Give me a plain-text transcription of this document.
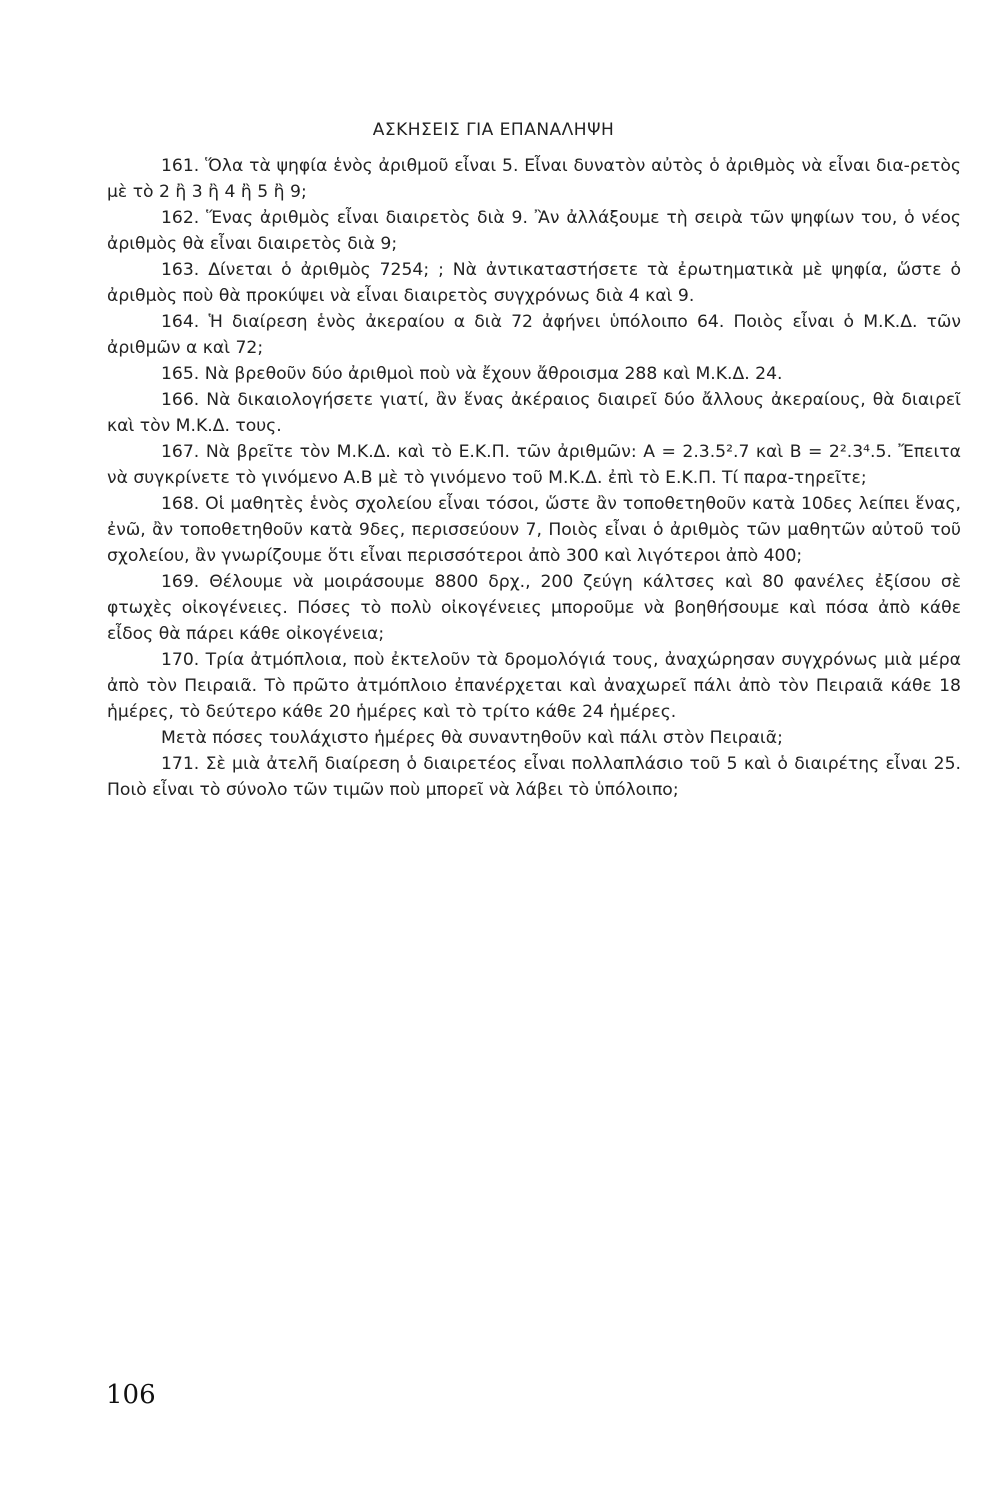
ΑΣΚΗΣΕΙΣ ΓΙΑ ΕΠΑΝΑΛΗΨΗ

161. Ὅλα τὰ ψηφία ἑνὸς ἀριθμοῦ εἶναι 5. Εἶναι δυνατὸν αὐτὸς ὁ ἀριθμὸς νὰ εἶναι δια-ρετὸς μὲ τὸ 2 ἢ 3 ἢ 4 ἢ 5 ἢ 9;

162. Ἕνας ἀριθμὸς εἶναι διαιρετὸς διὰ 9. Ἂν ἀλλάξουμε τὴ σειρὰ τῶν ψηφίων του, ὁ νέος ἀριθμὸς θὰ εἶναι διαιρετὸς διὰ 9;

163. Δίνεται ὁ ἀριθμὸς 7254; ; Νὰ ἀντικαταστήσετε τὰ ἐρωτηματικὰ μὲ ψηφία, ὥστε ὁ ἀριθμὸς ποὺ θὰ προκύψει νὰ εἶναι διαιρετὸς συγχρόνως διὰ 4 καὶ 9.

164. Ἡ διαίρεση ἑνὸς ἀκεραίου α διὰ 72 ἀφήνει ὑπόλοιπο 64. Ποιὸς εἶναι ὁ Μ.Κ.Δ. τῶν ἀριθμῶν α καὶ 72;

165. Νὰ βρεθοῦν δύο ἀριθμοὶ ποὺ νὰ ἔχουν ἄθροισμα 288 καὶ Μ.Κ.Δ. 24.

166. Νὰ δικαιολογήσετε γιατί, ἂν ἕνας ἀκέραιος διαιρεῖ δύο ἄλλους ἀκεραίους, θὰ διαιρεῖ καὶ τὸν Μ.Κ.Δ. τους.

167. Νὰ βρεῖτε τὸν Μ.Κ.Δ. καὶ τὸ Ε.Κ.Π. τῶν ἀριθμῶν: Α = 2.3.5².7 καὶ Β = 2².3⁴.5. Ἔπειτα νὰ συγκρίνετε τὸ γινόμενο Α.Β μὲ τὸ γινόμενο τοῦ Μ.Κ.Δ. ἐπὶ τὸ Ε.Κ.Π. Τί παρα-τηρεῖτε;

168. Οἱ μαθητὲς ἑνὸς σχολείου εἶναι τόσοι, ὥστε ἂν τοποθετηθοῦν κατὰ 10δες λείπει ἕνας, ἐνῶ, ἂν τοποθετηθοῦν κατὰ 9δες, περισσεύουν 7, Ποιὸς εἶναι ὁ ἀριθμὸς τῶν μαθητῶν αὐτοῦ τοῦ σχολείου, ἂν γνωρίζουμε ὅτι εἶναι περισσότεροι ἀπὸ 300 καὶ λιγότεροι ἀπὸ 400;

169. Θέλουμε νὰ μοιράσουμε 8800 δρχ., 200 ζεύγη κάλτσες καὶ 80 φανέλες ἐξίσου σὲ φτωχὲς οἰκογένειες. Πόσες τὸ πολὺ οἰκογένειες μποροῦμε νὰ βοηθήσουμε καὶ πόσα ἀπὸ κάθε εἶδος θὰ πάρει κάθε οἰκογένεια;

170. Τρία ἀτμόπλοια, ποὺ ἐκτελοῦν τὰ δρομολόγιά τους, ἀναχώρησαν συγχρόνως μιὰ μέρα ἀπὸ τὸν Πειραιᾶ. Τὸ πρῶτο ἀτμόπλοιο ἐπανέρχεται καὶ ἀναχωρεῖ πάλι ἀπὸ τὸν Πειραιᾶ κάθε 18 ἡμέρες, τὸ δεύτερο κάθε 20 ἡμέρες καὶ τὸ τρίτο κάθε 24 ἡμέρες.

Μετὰ πόσες τουλάχιστο ἡμέρες θὰ συναντηθοῦν καὶ πάλι στὸν Πειραιᾶ;

171. Σὲ μιὰ ἀτελῆ διαίρεση ὁ διαιρετέος εἶναι πολλαπλάσιο τοῦ 5 καὶ ὁ διαιρέτης εἶναι 25. Ποιὸ εἶναι τὸ σύνολο τῶν τιμῶν ποὺ μπορεῖ νὰ λάβει τὸ ὑπόλοιπο;

106
